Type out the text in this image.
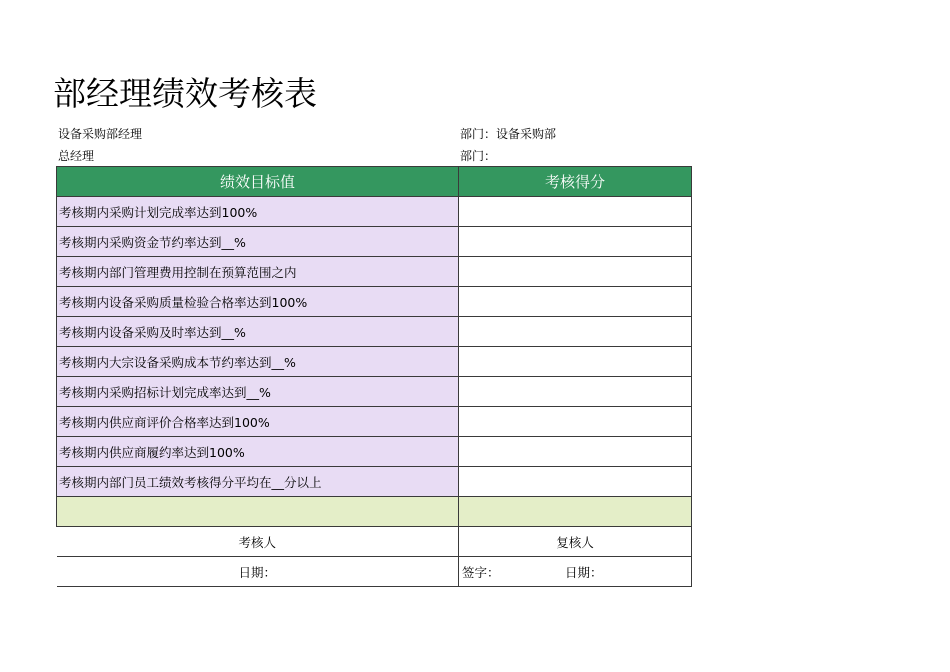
部经理绩效考核表
设备采购部经理	部门：设备采购部
总经理	部门：
绩效目标值	考核得分
考核期内采购计划完成率达到100%	
考核期内采购资金节约率达到__%	
考核期内部门管理费用控制在预算范围之内	
考核期内设备采购质量检验合格率达到100%	
考核期内设备采购及时率达到__%	
考核期内大宗设备采购成本节约率达到__%	
考核期内采购招标计划完成率达到__%	
考核期内供应商评价合格率达到100%	
考核期内供应商履约率达到100%	
考核期内部门员工绩效考核得分平均在__分以上	

考核人	复核人
日期：	签字： 日期：
